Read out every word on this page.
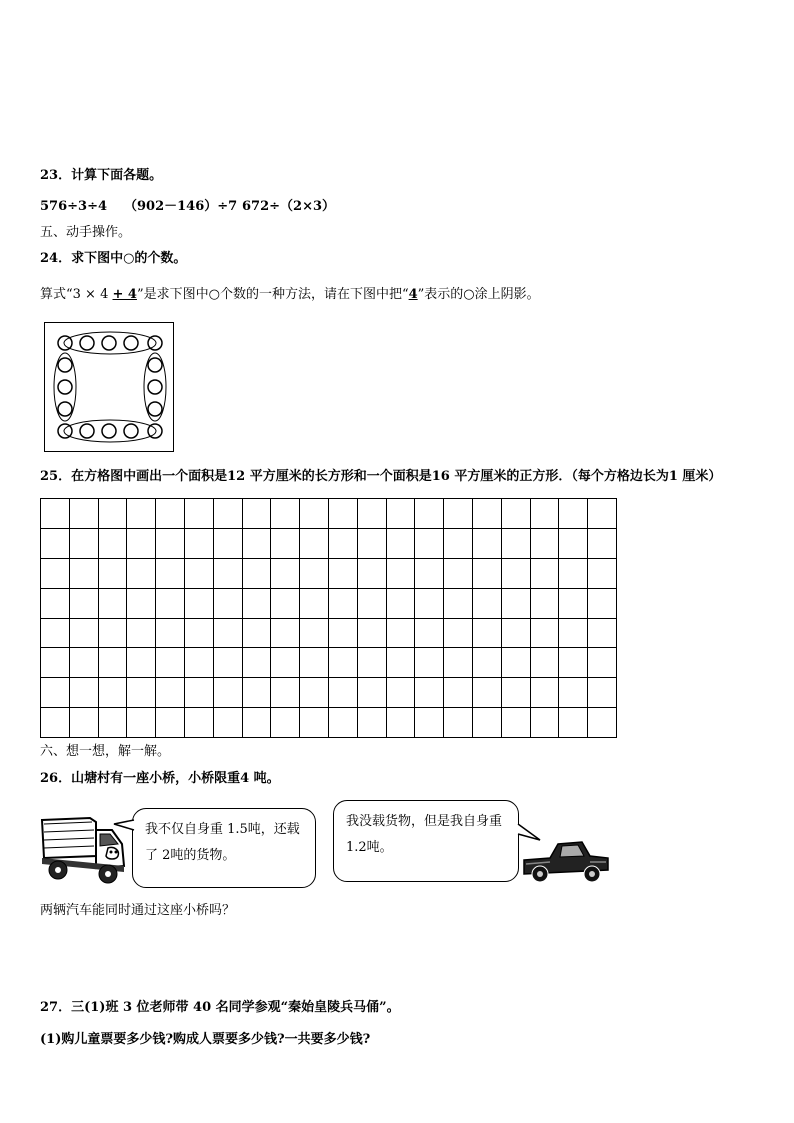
23．计算下面各题。
576÷3÷4 （902－146）÷7 672÷（2×3）
五、动手操作。
24．求下图中○的个数。
算式“3 × 4 + 4”是求下图中○个数的一种方法，请在下图中把“4”表示的○涂上阴影。
25．在方格图中画出一个面积是12 平方厘米的长方形和一个面积是16 平方厘米的正方形．（每个方格边长为1 厘米）

六、想一想，解一解。
26．山塘村有一座小桥，小桥限重4 吨。
我不仅自身重 1.5吨，还载了 2吨的货物。
我没载货物，但是我自身重 1.2吨。
两辆汽车能同时通过这座小桥吗？
27．三(1)班 3 位老师带 40 名同学参观“秦始皇陵兵马俑”。
(1)购儿童票要多少钱?购成人票要多少钱?一共要多少钱?
